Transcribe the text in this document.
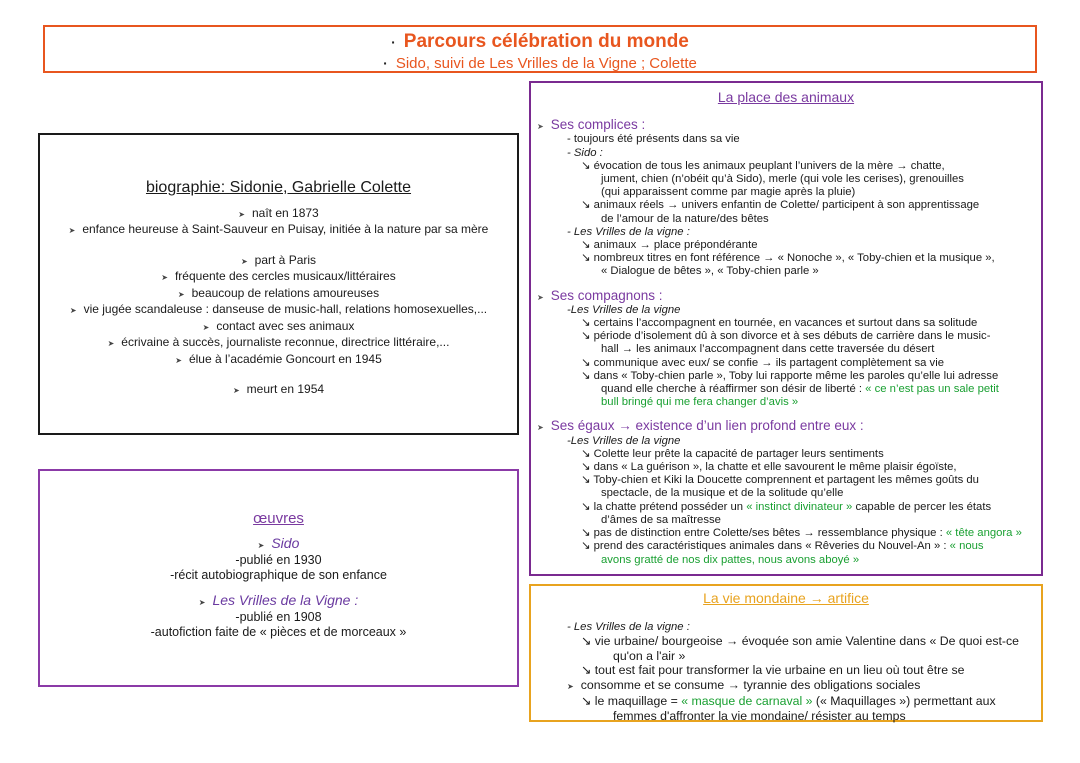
· Parcours célébration du monde
· Sido, suivi de Les Vrilles de la Vigne ; Colette
biographie: Sidonie, Gabrielle Colette
➤ naît en 1873
➤ enfance heureuse à Saint-Sauveur en Puisay, initiée à la nature par sa mère
➤ part à Paris
➤ fréquente des cercles musicaux/littéraires
➤ beaucoup de relations amoureuses
➤ vie jugée scandaleuse : danseuse de music-hall, relations homosexuelles,...
➤ contact avec ses animaux
➤ écrivaine à succès, journaliste reconnue, directrice littéraire,...
➤ élue à l’académie Goncourt en 1945
➤ meurt en 1954
œuvres
➤ Sido
-publié en 1930
-récit autobiographique de son enfance
➤ Les Vrilles de la Vigne :
-publié en 1908
-autofiction faite de « pièces et de morceaux »
La place des animaux
➤ Ses complices :
- toujours été présents dans sa vie
- Sido :
↘ évocation de tous les animaux peuplant l’univers de la mère → chatte,
jument, chien (n’obéit qu’à Sido), merle (qui vole les cerises), grenouilles
(qui apparaissent comme par magie après la pluie)
↘ animaux réels → univers enfantin de Colette/ participent à son apprentissage
de l’amour de la nature/des bêtes
- Les Vrilles de la vigne :
↘ animaux → place prépondérante
↘ nombreux titres en font référence → « Nonoche », « Toby-chien et la musique »,
« Dialogue de bêtes », « Toby-chien parle »
➤ Ses compagnons :
-Les Vrilles de la vigne
↘ certains l’accompagnent en tournée, en vacances et surtout dans sa solitude
↘ période d’isolement dû à son divorce et à ses débuts de carrière dans le music-
hall → les animaux l’accompagnent dans cette traversée du désert
↘ communique avec eux/ se confie → ils partagent complètement sa vie
↘ dans « Toby-chien parle », Toby lui rapporte même les paroles qu’elle lui adresse
quand elle cherche à réaffirmer son désir de liberté : « ce n’est pas un sale petit
bull bringé qui me fera changer d’avis »
➤ Ses égaux → existence d’un lien profond entre eux :
-Les Vrilles de la vigne
↘ Colette leur prête la capacité de partager leurs sentiments
↘ dans « La guérison », la chatte et elle savourent le même plaisir égoïste,
↘ Toby-chien et Kiki la Doucette comprennent et partagent les mêmes goûts du
spectacle, de la musique et de la solitude qu’elle
↘ la chatte prétend posséder un « instinct divinateur » capable de percer les états
d’âmes de sa maîtresse
↘ pas de distinction entre Colette/ses bêtes → ressemblance physique : « tête angora »
↘ prend des caractéristiques animales dans « Rêveries du Nouvel-An » : « nous
avons gratté de nos dix pattes, nous avons aboyé »
La vie mondaine → artifice
- Les Vrilles de la vigne :
↘ vie urbaine/ bourgeoise → évoquée son amie Valentine dans « De quoi est-ce
qu'on a l'air »
↘ tout est fait pour transformer la vie urbaine en un lieu où tout être se
➤ consomme et se consume → tyrannie des obligations sociales
↘ le maquillage = « masque de carnaval » (« Maquillages ») permettant aux
femmes d'affronter la vie mondaine/ résister au temps
